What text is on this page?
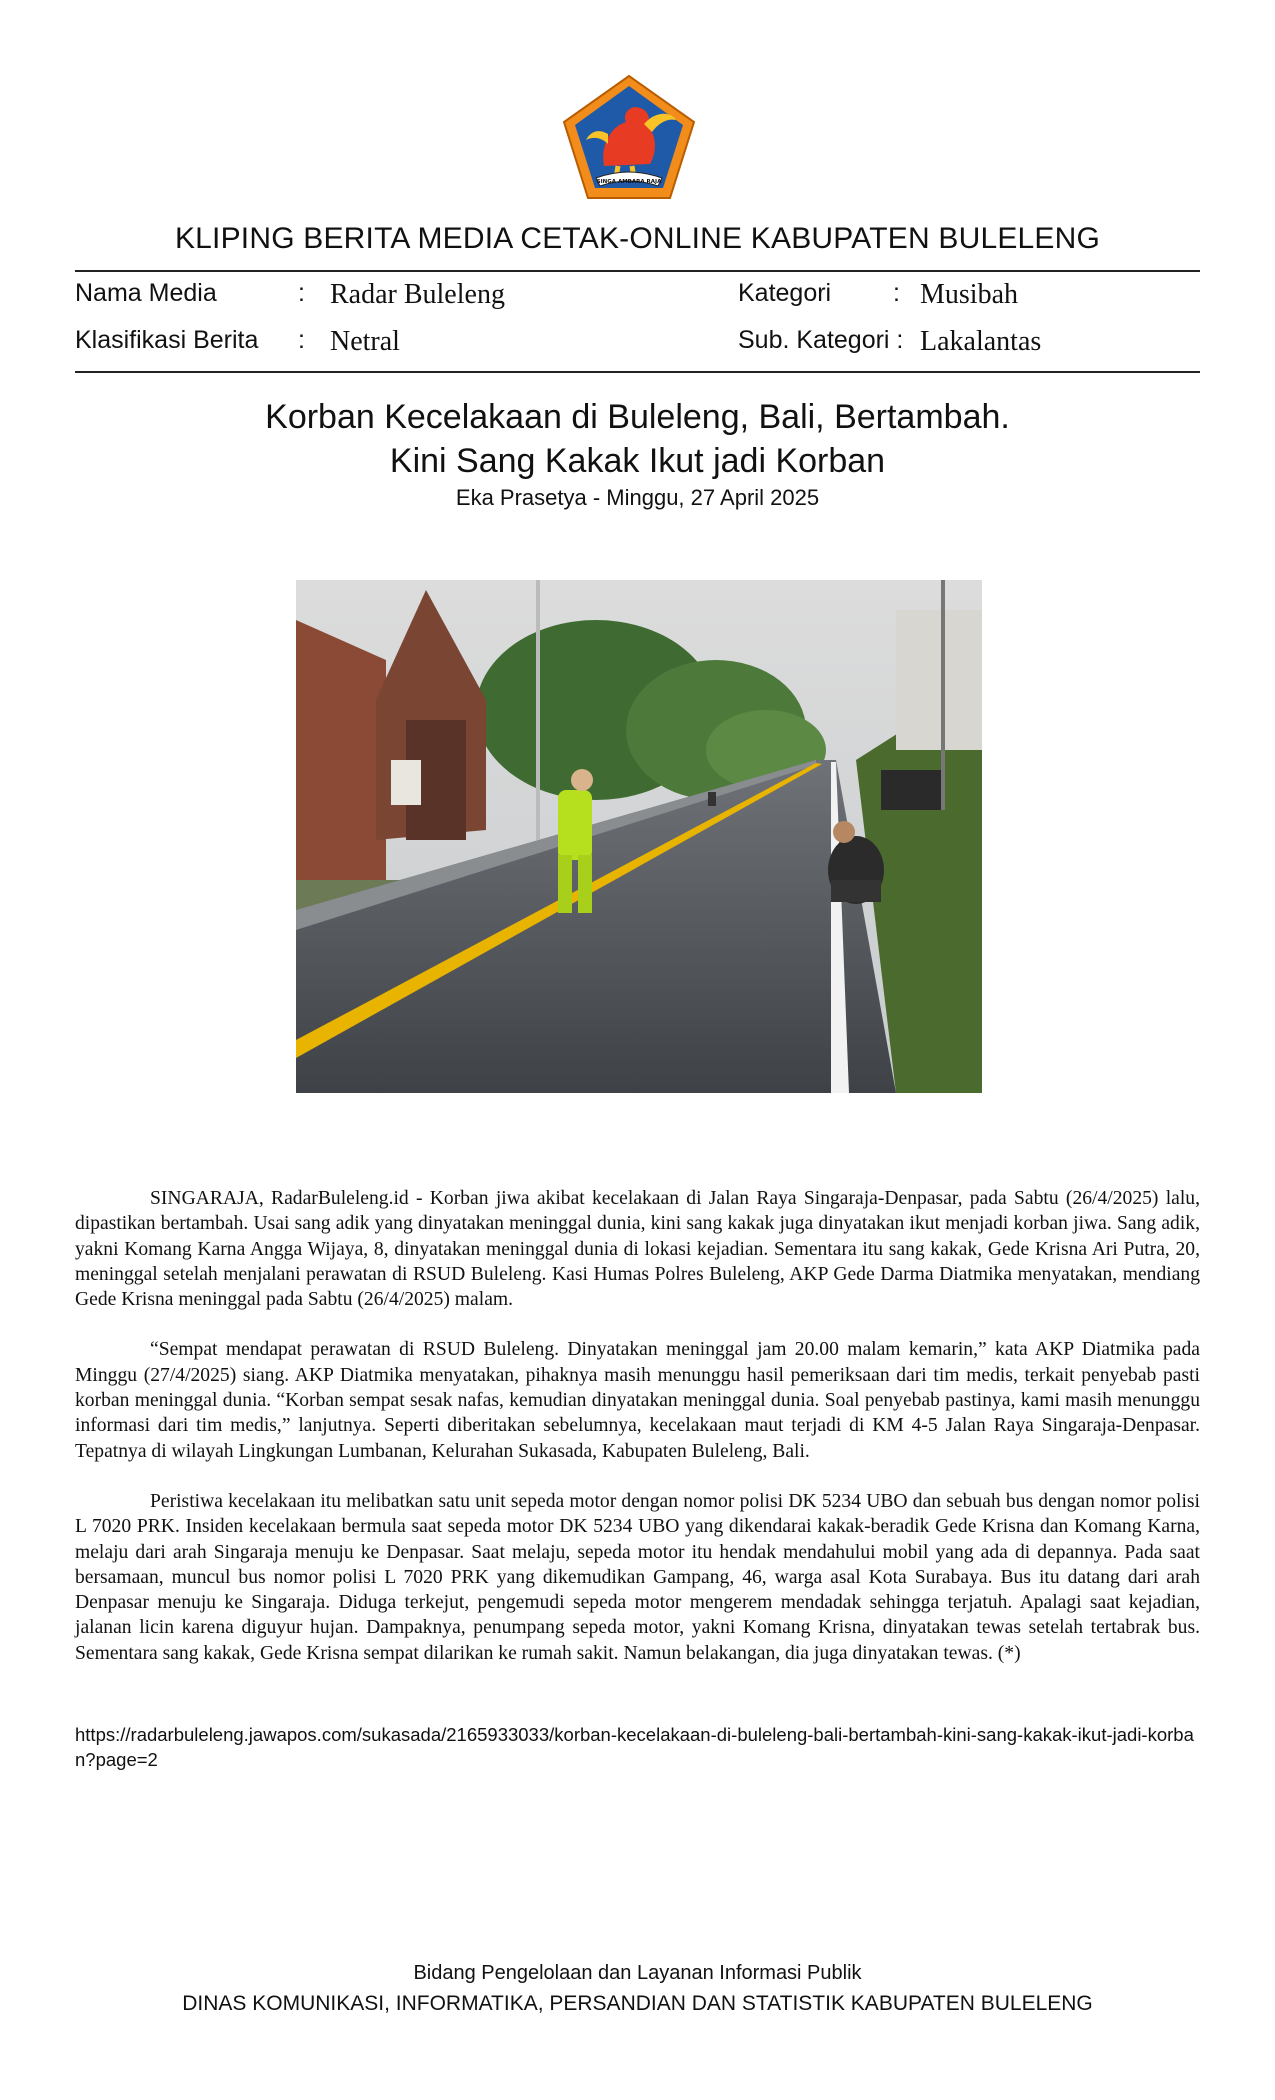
SINGA AMBARA RAJA
KLIPING BERITA MEDIA CETAK-ONLINE KABUPATEN BULELENG
Nama Media	: Radar Buleleng	Kategori : Musibah
Klasifikasi Berita : Netral	Sub. Kategori : Lakalantas
Korban Kecelakaan di Buleleng, Bali, Bertambah.
Kini Sang Kakak Ikut jadi Korban
Eka Prasetya - Minggu, 27 April 2025

SINGARAJA, RadarBuleleng.id - Korban jiwa akibat kecelakaan di Jalan Raya Singaraja-Denpasar, pada Sabtu (26/4/2025) lalu, dipastikan bertambah. Usai sang adik yang dinyatakan meninggal dunia, kini sang kakak juga dinyatakan ikut menjadi korban jiwa. Sang adik, yakni Komang Karna Angga Wijaya, 8, dinyatakan meninggal dunia di lokasi kejadian. Sementara itu sang kakak, Gede Krisna Ari Putra, 20, meninggal setelah menjalani perawatan di RSUD Buleleng. Kasi Humas Polres Buleleng, AKP Gede Darma Diatmika menyatakan, mendiang Gede Krisna meninggal pada Sabtu (26/4/2025) malam.

“Sempat mendapat perawatan di RSUD Buleleng. Dinyatakan meninggal jam 20.00 malam kemarin,” kata AKP Diatmika pada Minggu (27/4/2025) siang. AKP Diatmika menyatakan, pihaknya masih menunggu hasil pemeriksaan dari tim medis, terkait penyebab pasti korban meninggal dunia. “Korban sempat sesak nafas, kemudian dinyatakan meninggal dunia. Soal penyebab pastinya, kami masih menunggu informasi dari tim medis,” lanjutnya. Seperti diberitakan sebelumnya, kecelakaan maut terjadi di KM 4-5 Jalan Raya Singaraja-Denpasar. Tepatnya di wilayah Lingkungan Lumbanan, Kelurahan Sukasada, Kabupaten Buleleng, Bali.

Peristiwa kecelakaan itu melibatkan satu unit sepeda motor dengan nomor polisi DK 5234 UBO dan sebuah bus dengan nomor polisi L 7020 PRK. Insiden kecelakaan bermula saat sepeda motor DK 5234 UBO yang dikendarai kakak-beradik Gede Krisna dan Komang Karna, melaju dari arah Singaraja menuju ke Denpasar. Saat melaju, sepeda motor itu hendak mendahului mobil yang ada di depannya. Pada saat bersamaan, muncul bus nomor polisi L 7020 PRK yang dikemudikan Gampang, 46, warga asal Kota Surabaya. Bus itu datang dari arah Denpasar menuju ke Singaraja. Diduga terkejut, pengemudi sepeda motor mengerem mendadak sehingga terjatuh. Apalagi saat kejadian, jalanan licin karena diguyur hujan. Dampaknya, penumpang sepeda motor, yakni Komang Krisna, dinyatakan tewas setelah tertabrak bus. Sementara sang kakak, Gede Krisna sempat dilarikan ke rumah sakit. Namun belakangan, dia juga dinyatakan tewas. (*)

https://radarbuleleng.jawapos.com/sukasada/2165933033/korban-kecelakaan-di-buleleng-bali-bertambah-kini-sang-kakak-ikut-jadi-korban?page=2
Bidang Pengelolaan dan Layanan Informasi Publik
DINAS KOMUNIKASI, INFORMATIKA, PERSANDIAN DAN STATISTIK KABUPATEN BULELENG
